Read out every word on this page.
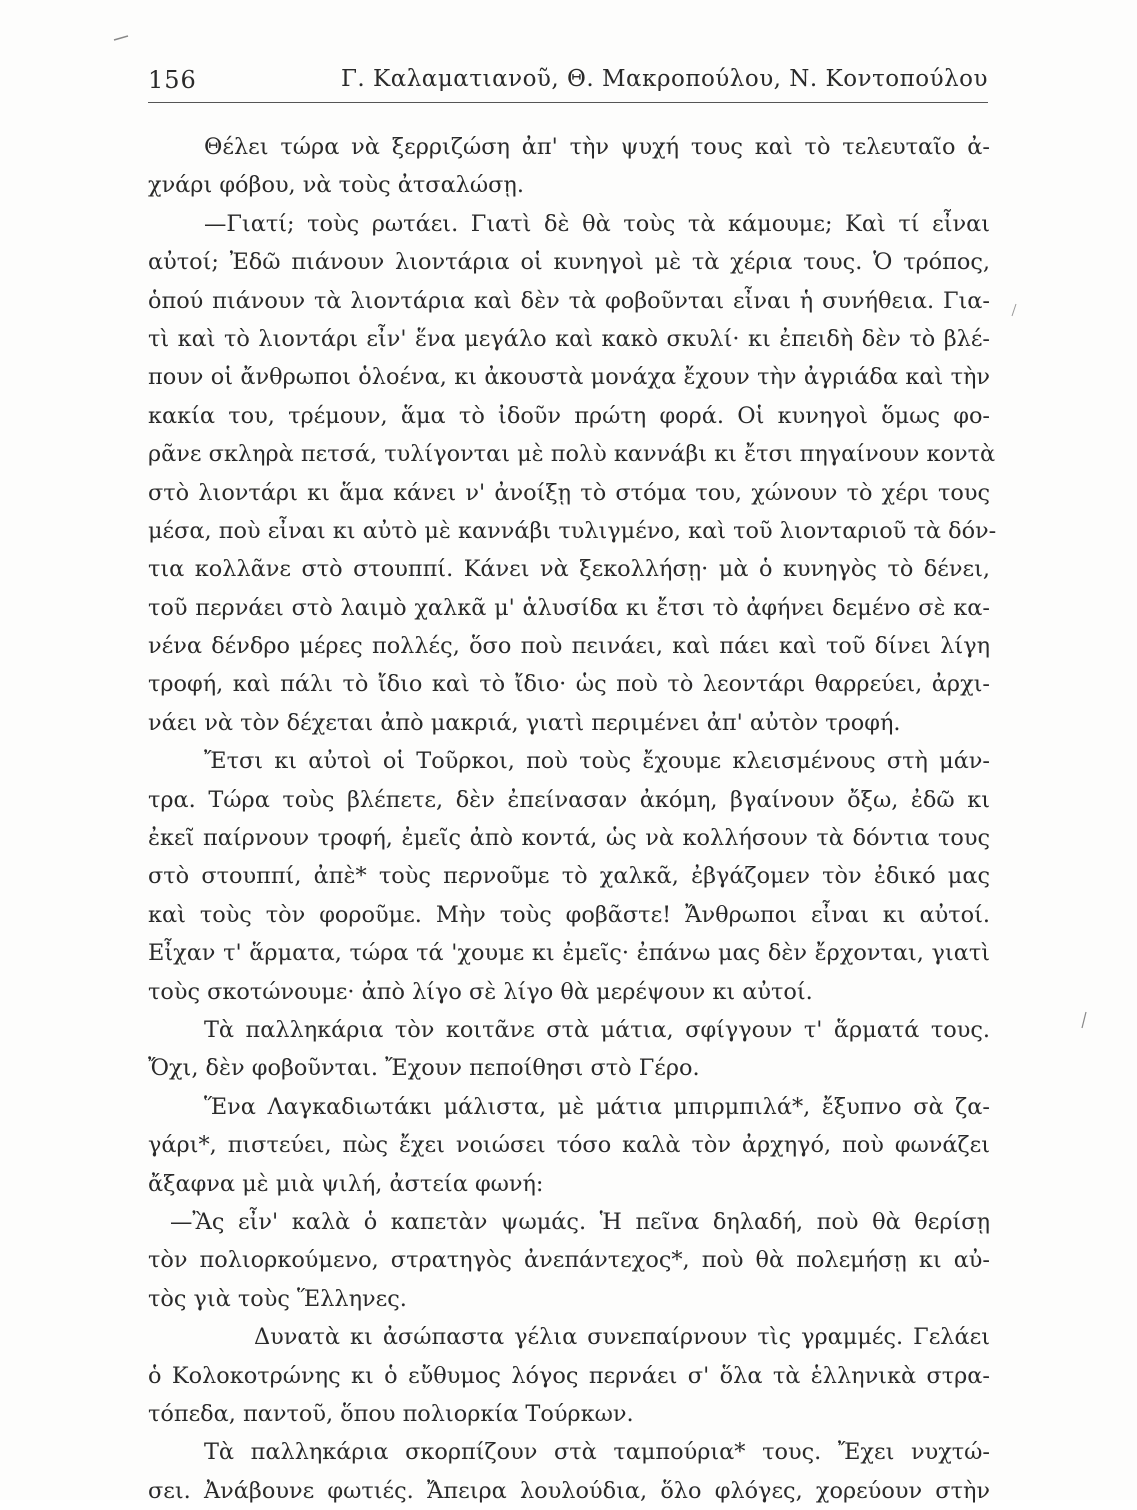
156	Γ. Καλαματιανοῦ, Θ. Μακροπούλου, Ν. Κοντοπούλου
Θέλει τώρα νὰ ξερριζώση ἀπ' τὴν ψυχή τους καὶ τὸ τελευταῖο ἀ-
χνάρι φόβου, νὰ τοὺς ἀτσαλώσῃ.
—Γιατί; τοὺς ρωτάει. Γιατὶ δὲ θὰ τοὺς τὰ κάμουμε; Καὶ τί εἶναι
αὐτοί; Ἐδῶ πιάνουν λιοντάρια οἱ κυνηγοὶ μὲ τὰ χέρια τους. Ὁ τρόπος,
ὁπού πιάνουν τὰ λιοντάρια καὶ δὲν τὰ φοβοῦνται εἶναι ἡ συνήθεια. Για-
τὶ καὶ τὸ λιοντάρι εἶν' ἕνα μεγάλο καὶ κακὸ σκυλί· κι ἐπειδὴ δὲν τὸ βλέ-
πουν οἱ ἄνθρωποι ὁλοένα, κι ἀκουστὰ μονάχα ἔχουν τὴν ἀγριάδα καὶ τὴν
κακία του, τρέμουν, ἅμα τὸ ἰδοῦν πρώτη φορά. Οἱ κυνηγοὶ ὅμως φο-
ρᾶνε σκληρὰ πετσά, τυλίγονται μὲ πολὺ καννάβι κι ἔτσι πηγαίνουν κοντὰ
στὸ λιοντάρι κι ἅμα κάνει ν' ἀνοίξῃ τὸ στόμα του, χώνουν τὸ χέρι τους
μέσα, ποὺ εἶναι κι αὐτὸ μὲ καννάβι τυλιγμένο, καὶ τοῦ λιονταριοῦ τὰ δόν-
τια κολλᾶνε στὸ στουππί. Κάνει νὰ ξεκολλήσῃ· μὰ ὁ κυνηγὸς τὸ δένει,
τοῦ περνάει στὸ λαιμὸ χαλκᾶ μ' ἁλυσίδα κι ἔτσι τὸ ἀφήνει δεμένο σὲ κα-
νένα δένδρο μέρες πολλές, ὅσο ποὺ πεινάει, καὶ πάει καὶ τοῦ δίνει λίγη
τροφή, καὶ πάλι τὸ ἴδιο καὶ τὸ ἴδιο· ὡς ποὺ τὸ λεοντάρι θαρρεύει, ἀρχι-
νάει νὰ τὸν δέχεται ἀπὸ μακριά, γιατὶ περιμένει ἀπ' αὐτὸν τροφή.
Ἔτσι κι αὐτοὶ οἱ Τοῦρκοι, ποὺ τοὺς ἔχουμε κλεισμένους στὴ μάν-
τρα. Τώρα τοὺς βλέπετε, δὲν ἐπείνασαν ἀκόμη, βγαίνουν ὄξω, ἐδῶ κι
ἐκεῖ παίρνουν τροφή, ἐμεῖς ἀπὸ κοντά, ὡς νὰ κολλήσουν τὰ δόντια τους
στὸ στουππί, ἀπὲ* τοὺς περνοῦμε τὸ χαλκᾶ, ἐβγάζομεν τὸν ἐδικό μας
καὶ τοὺς τὸν φοροῦμε. Μὴν τοὺς φοβᾶστε! Ἄνθρωποι εἶναι κι αὐτοί.
Εἶχαν τ' ἅρματα, τώρα τά 'χουμε κι ἐμεῖς· ἐπάνω μας δὲν ἔρχονται, γιατὶ
τοὺς σκοτώνουμε· ἀπὸ λίγο σὲ λίγο θὰ μερέψουν κι αὐτοί.
Τὰ παλληκάρια τὸν κοιτᾶνε στὰ μάτια, σφίγγουν τ' ἅρματά τους.
Ὄχι, δὲν φοβοῦνται. Ἔχουν πεποίθησι στὸ Γέρο.
Ἕνα Λαγκαδιωτάκι μάλιστα, μὲ μάτια μπιρμπιλά*, ἔξυπνο σὰ ζα-
γάρι*, πιστεύει, πὼς ἔχει νοιώσει τόσο καλὰ τὸν ἀρχηγό, ποὺ φωνάζει
ἄξαφνα μὲ μιὰ ψιλή, ἀστεία φωνή:
—Ἂς εἶν' καλὰ ὁ καπετὰν ψωμάς. Ἡ πεῖνα δηλαδή, ποὺ θὰ θερίσῃ
τὸν πολιορκούμενο, στρατηγὸς ἀνεπάντεχος*, ποὺ θὰ πολεμήσῃ κι αὐ-
τὸς γιὰ τοὺς Ἕλληνες.
Δυνατὰ κι ἀσώπαστα γέλια συνεπαίρνουν τὶς γραμμές. Γελάει
ὁ Κολοκοτρώνης κι ὁ εὔθυμος λόγος περνάει σ' ὅλα τὰ ἑλληνικὰ στρα-
τόπεδα, παντοῦ, ὅπου πολιορκία Τούρκων.
Τὰ παλληκάρια σκορπίζουν στὰ ταμπούρια* τους. Ἔχει νυχτώ-
σει. Ἀνάβουνε φωτιές. Ἄπειρα λουλούδια, ὅλο φλόγες, χορεύουν στὴν
